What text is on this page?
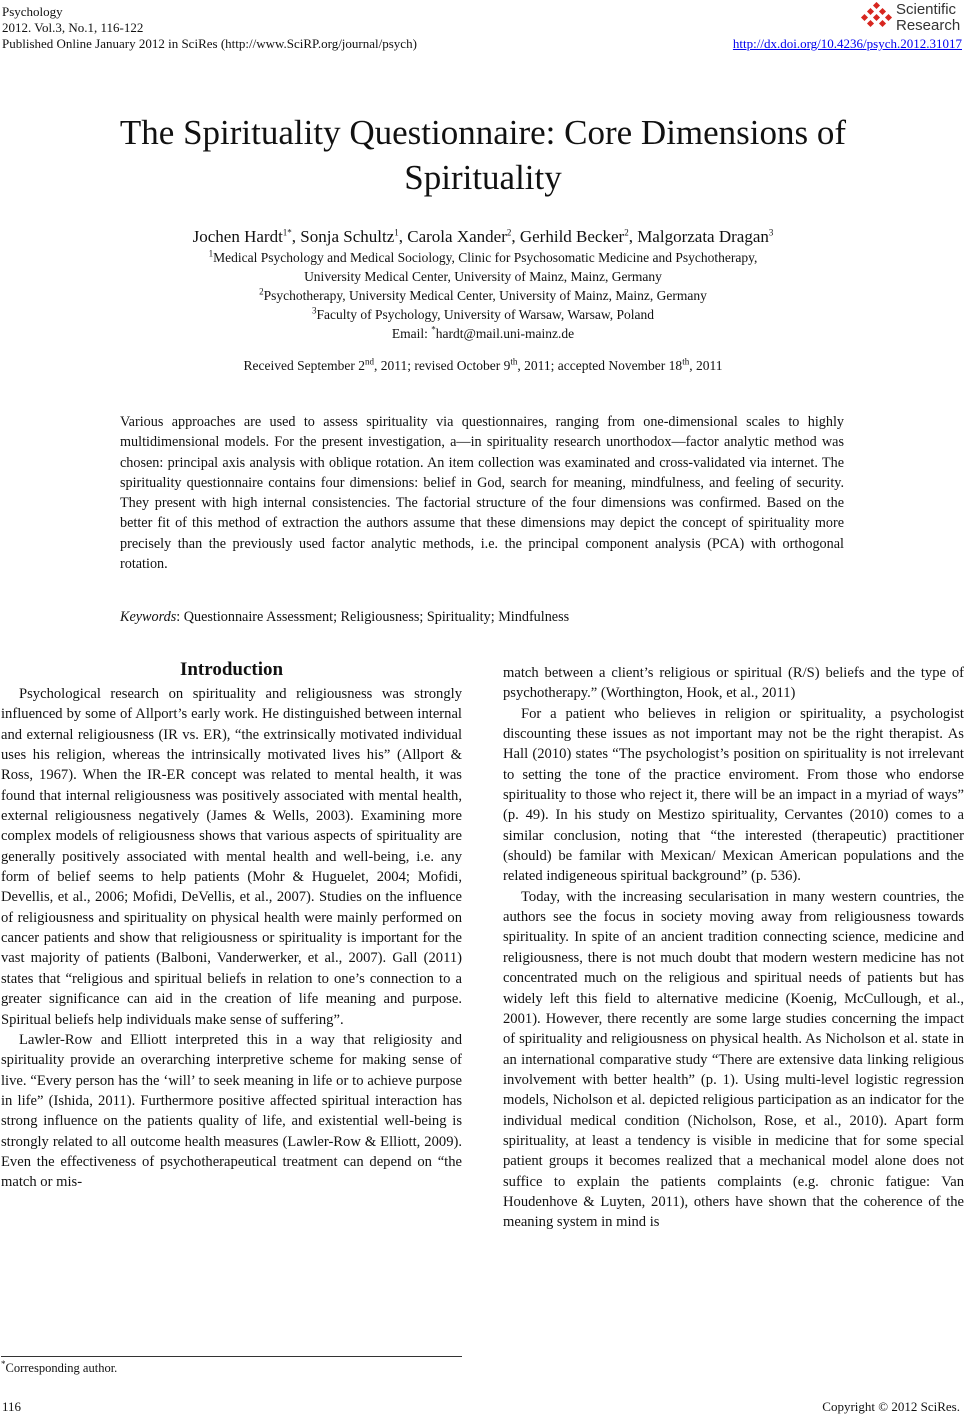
Psychology
2012. Vol.3, No.1, 116-122
Published Online January 2012 in SciRes (http://www.SciRP.org/journal/psych)
Scientific
Research
http://dx.doi.org/10.4236/psych.2012.31017
The Spirituality Questionnaire: Core Dimensions of
Spirituality
Jochen Hardt$^{1*}$, Sonja Schultz$^1$, Carola Xander$^2$, Gerhild Becker$^2$, Malgorzata Dragan$^3$
$^1$Medical Psychology and Medical Sociology, Clinic for Psychosomatic Medicine and Psychotherapy,
University Medical Center, University of Mainz, Mainz, Germany
$^2$Psychotherapy, University Medical Center, University of Mainz, Mainz, Germany
$^3$Faculty of Psychology, University of Warsaw, Warsaw, Poland
Email: *hardt@mail.uni-mainz.de
Received September 2nd, 2011; revised October 9th, 2011; accepted November 18th, 2011
Various approaches are used to assess spirituality via questionnaires, ranging from one-dimensional scales to highly multidimensional models. For the present investigation, a—in spirituality research unorthodox—factor analytic method was chosen: principal axis analysis with oblique rotation. An item collection was examinated and cross-validated via internet. The spirituality questionnaire contains four dimensions: belief in God, search for meaning, mindfulness, and feeling of security. They present with high internal consistencies. The factorial structure of the four dimensions was confirmed. Based on the better fit of this method of extraction the authors assume that these dimensions may depict the concept of spirituality more precisely than the previously used factor analytic methods, i.e. the principal component analysis (PCA) with orthogonal rotation.
Keywords: Questionnaire Assessment; Religiousness; Spirituality; Mindfulness
Introduction

Psychological research on spirituality and religiousness was strongly influenced by some of Allport’s early work. He distinguished between internal and external religiousness (IR vs. ER), “the extrinsically motivated individual uses his religion, whereas the intrinsically motivated lives his” (Allport & Ross, 1967). When the IR-ER concept was related to mental health, it was found that internal religiousness was positively associated with mental health, external religiousness negatively (James & Wells, 2003). Examining more complex models of religiousness shows that various aspects of spirituality are generally positively associated with mental health and well-being, i.e. any form of belief seems to help patients (Mohr & Huguelet, 2004; Mofidi, Devellis, et al., 2006; Mofidi, DeVellis, et al., 2007). Studies on the influence of religiousness and spirituality on physical health were mainly performed on cancer patients and show that religiousness or spirituality is important for the vast majority of patients (Balboni, Vanderwerker, et al., 2007). Gall (2011) states that “religious and spiritual beliefs in relation to one’s connection to a greater significance can aid in the creation of life meaning and purpose. Spiritual beliefs help individuals make sense of suffering”.

Lawler-Row and Elliott interpreted this in a way that religiosity and spirituality provide an overarching interpretive scheme for making sense of live. “Every person has the ‘will’ to seek meaning in life or to achieve purpose in life” (Ishida, 2011). Furthermore positive affected spiritual interaction has strong influence on the patients quality of life, and existential well-being is strongly related to all outcome health measures (Lawler-Row & Elliott, 2009). Even the effectiveness of psychotherapeutical treatment can depend on “the match or mis-

match between a client’s religious or spiritual (R/S) beliefs and the type of psychotherapy.” (Worthington, Hook, et al., 2011)

For a patient who believes in religion or spirituality, a psychologist discounting these issues as not important may not be the right therapist. As Hall (2010) states “The psychologist’s position on spirituality is not irrelevant to setting the tone of the practice enviroment. From those who endorse spirituality to those who reject it, there will be an impact in a myriad of ways” (p. 49). In his study on Mestizo spirituality, Cervantes (2010) comes to a similar conclusion, noting that “the interested (therapeutic) practitioner (should) be familar with Mexican/ Mexican American populations and the related indigeneous spiritual background” (p. 536).

Today, with the increasing secularisation in many western countries, the authors see the focus in society moving away from religiousness towards spirituality. In spite of an ancient tradition connecting science, medicine and religiousness, there is not much doubt that modern western medicine has not concentrated much on the religious and spiritual needs of patients but has widely left this field to alternative medicine (Koenig, McCullough, et al., 2001). However, there recently are some large studies concerning the impact of spirituality and religiousness on physical health. As Nicholson et al. state in an international comparative study “There are extensive data linking religious involvement with better health” (p. 1). Using multi-level logistic regression models, Nicholson et al. depicted religious participation as an indicator for the individual medical condition (Nicholson, Rose, et al., 2010). Apart form spirituality, at least a tendency is visible in medicine that for some special patient groups it becomes realized that a mechanical model alone does not suffice to explain the patients complaints (e.g. chronic fatigue: Van Houdenhove & Luyten, 2011), others have shown that the coherence of the meaning system in mind is

*Corresponding author.
116	Copyright © 2012 SciRes.
